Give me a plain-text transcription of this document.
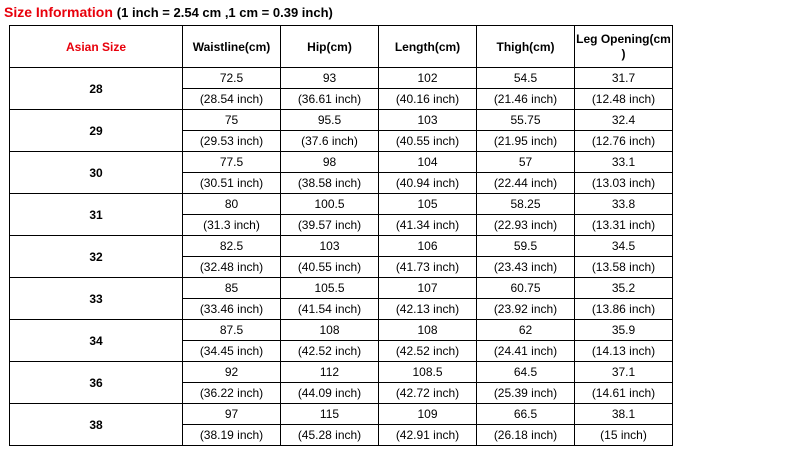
Size Information (1 inch = 2.54 cm ,1 cm = 0.39 inch)
Asian Size	Waistline(cm)	Hip(cm)	Length(cm)	Thigh(cm)	Leg Opening(cm
)
28	72.5	93	102	54.5	31.7
	(28.54 inch)	(36.61 inch)	(40.16 inch)	(21.46 inch)	(12.48 inch)
29	75	95.5	103	55.75	32.4
	(29.53 inch)	(37.6 inch)	(40.55 inch)	(21.95 inch)	(12.76 inch)
30	77.5	98	104	57	33.1
	(30.51 inch)	(38.58 inch)	(40.94 inch)	(22.44 inch)	(13.03 inch)
31	80	100.5	105	58.25	33.8
	(31.3 inch)	(39.57 inch)	(41.34 inch)	(22.93 inch)	(13.31 inch)
32	82.5	103	106	59.5	34.5
	(32.48 inch)	(40.55 inch)	(41.73 inch)	(23.43 inch)	(13.58 inch)
33	85	105.5	107	60.75	35.2
	(33.46 inch)	(41.54 inch)	(42.13 inch)	(23.92 inch)	(13.86 inch)
34	87.5	108	108	62	35.9
	(34.45 inch)	(42.52 inch)	(42.52 inch)	(24.41 inch)	(14.13 inch)
36	92	112	108.5	64.5	37.1
	(36.22 inch)	(44.09 inch)	(42.72 inch)	(25.39 inch)	(14.61 inch)
38	97	115	109	66.5	38.1
	(38.19 inch)	(45.28 inch)	(42.91 inch)	(26.18 inch)	(15 inch)
